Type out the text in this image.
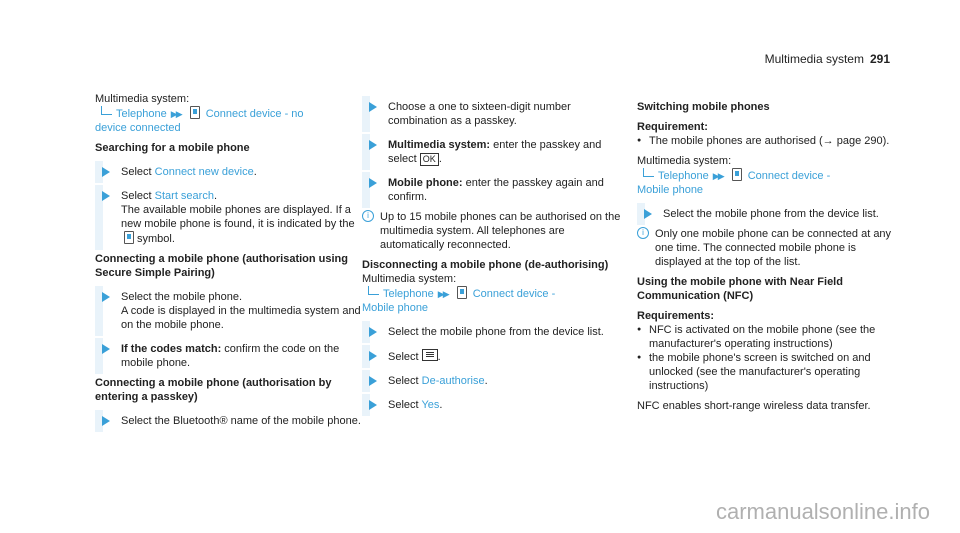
Multimedia system 291

Multimedia system:

Telephone ▶▶ Connect device - no

device connected

Searching for a mobile phone

Select Connect new device.
Select Start search.
The available mobile phones are displayed. If a new mobile phone is found, it is indicated by thesymbol.

Connecting a mobile phone (authorisation using Secure Simple Pairing)

Select the mobile phone.
A code is displayed in the multimedia system and on the mobile phone.
If the codes match: confirm the code on the mobile phone.

Connecting a mobile phone (authorisation by entering a passkey)

Select the Bluetooth® name of the mobile phone.
Choose a one to sixteen-digit number combination as a passkey.
Multimedia system: enter the passkey and select OK .
Mobile phone: enter the passkey again and confirm.
i	Up to 15 mobile phones can be authorised on the multimedia system. All telephones are automatically reconnected.

Disconnecting a mobile phone (de-authorising)

Multimedia system:

Telephone ▶▶ Connect device -

Mobile phone

Select the mobile phone from the device list.
Select .
Select De-authorise.
Select Yes.

Switching mobile phones

Requirement:

● The mobile phones are authorised (→ page 290).

Multimedia system:

Telephone ▶▶ Connect device -

Mobile phone

Select the mobile phone from the device list.
i	Only one mobile phone can be connected at any one time. The connected mobile phone is displayed at the top of the list.

Using the mobile phone with Near Field Communication (NFC)

Requirements:

● NFC is activated on the mobile phone (see the manufacturer's operating instructions)

● the mobile phone's screen is switched on and unlocked (see the manufacturer's operating instructions)

NFC enables short-range wireless data transfer.

carmanualsonline.info
